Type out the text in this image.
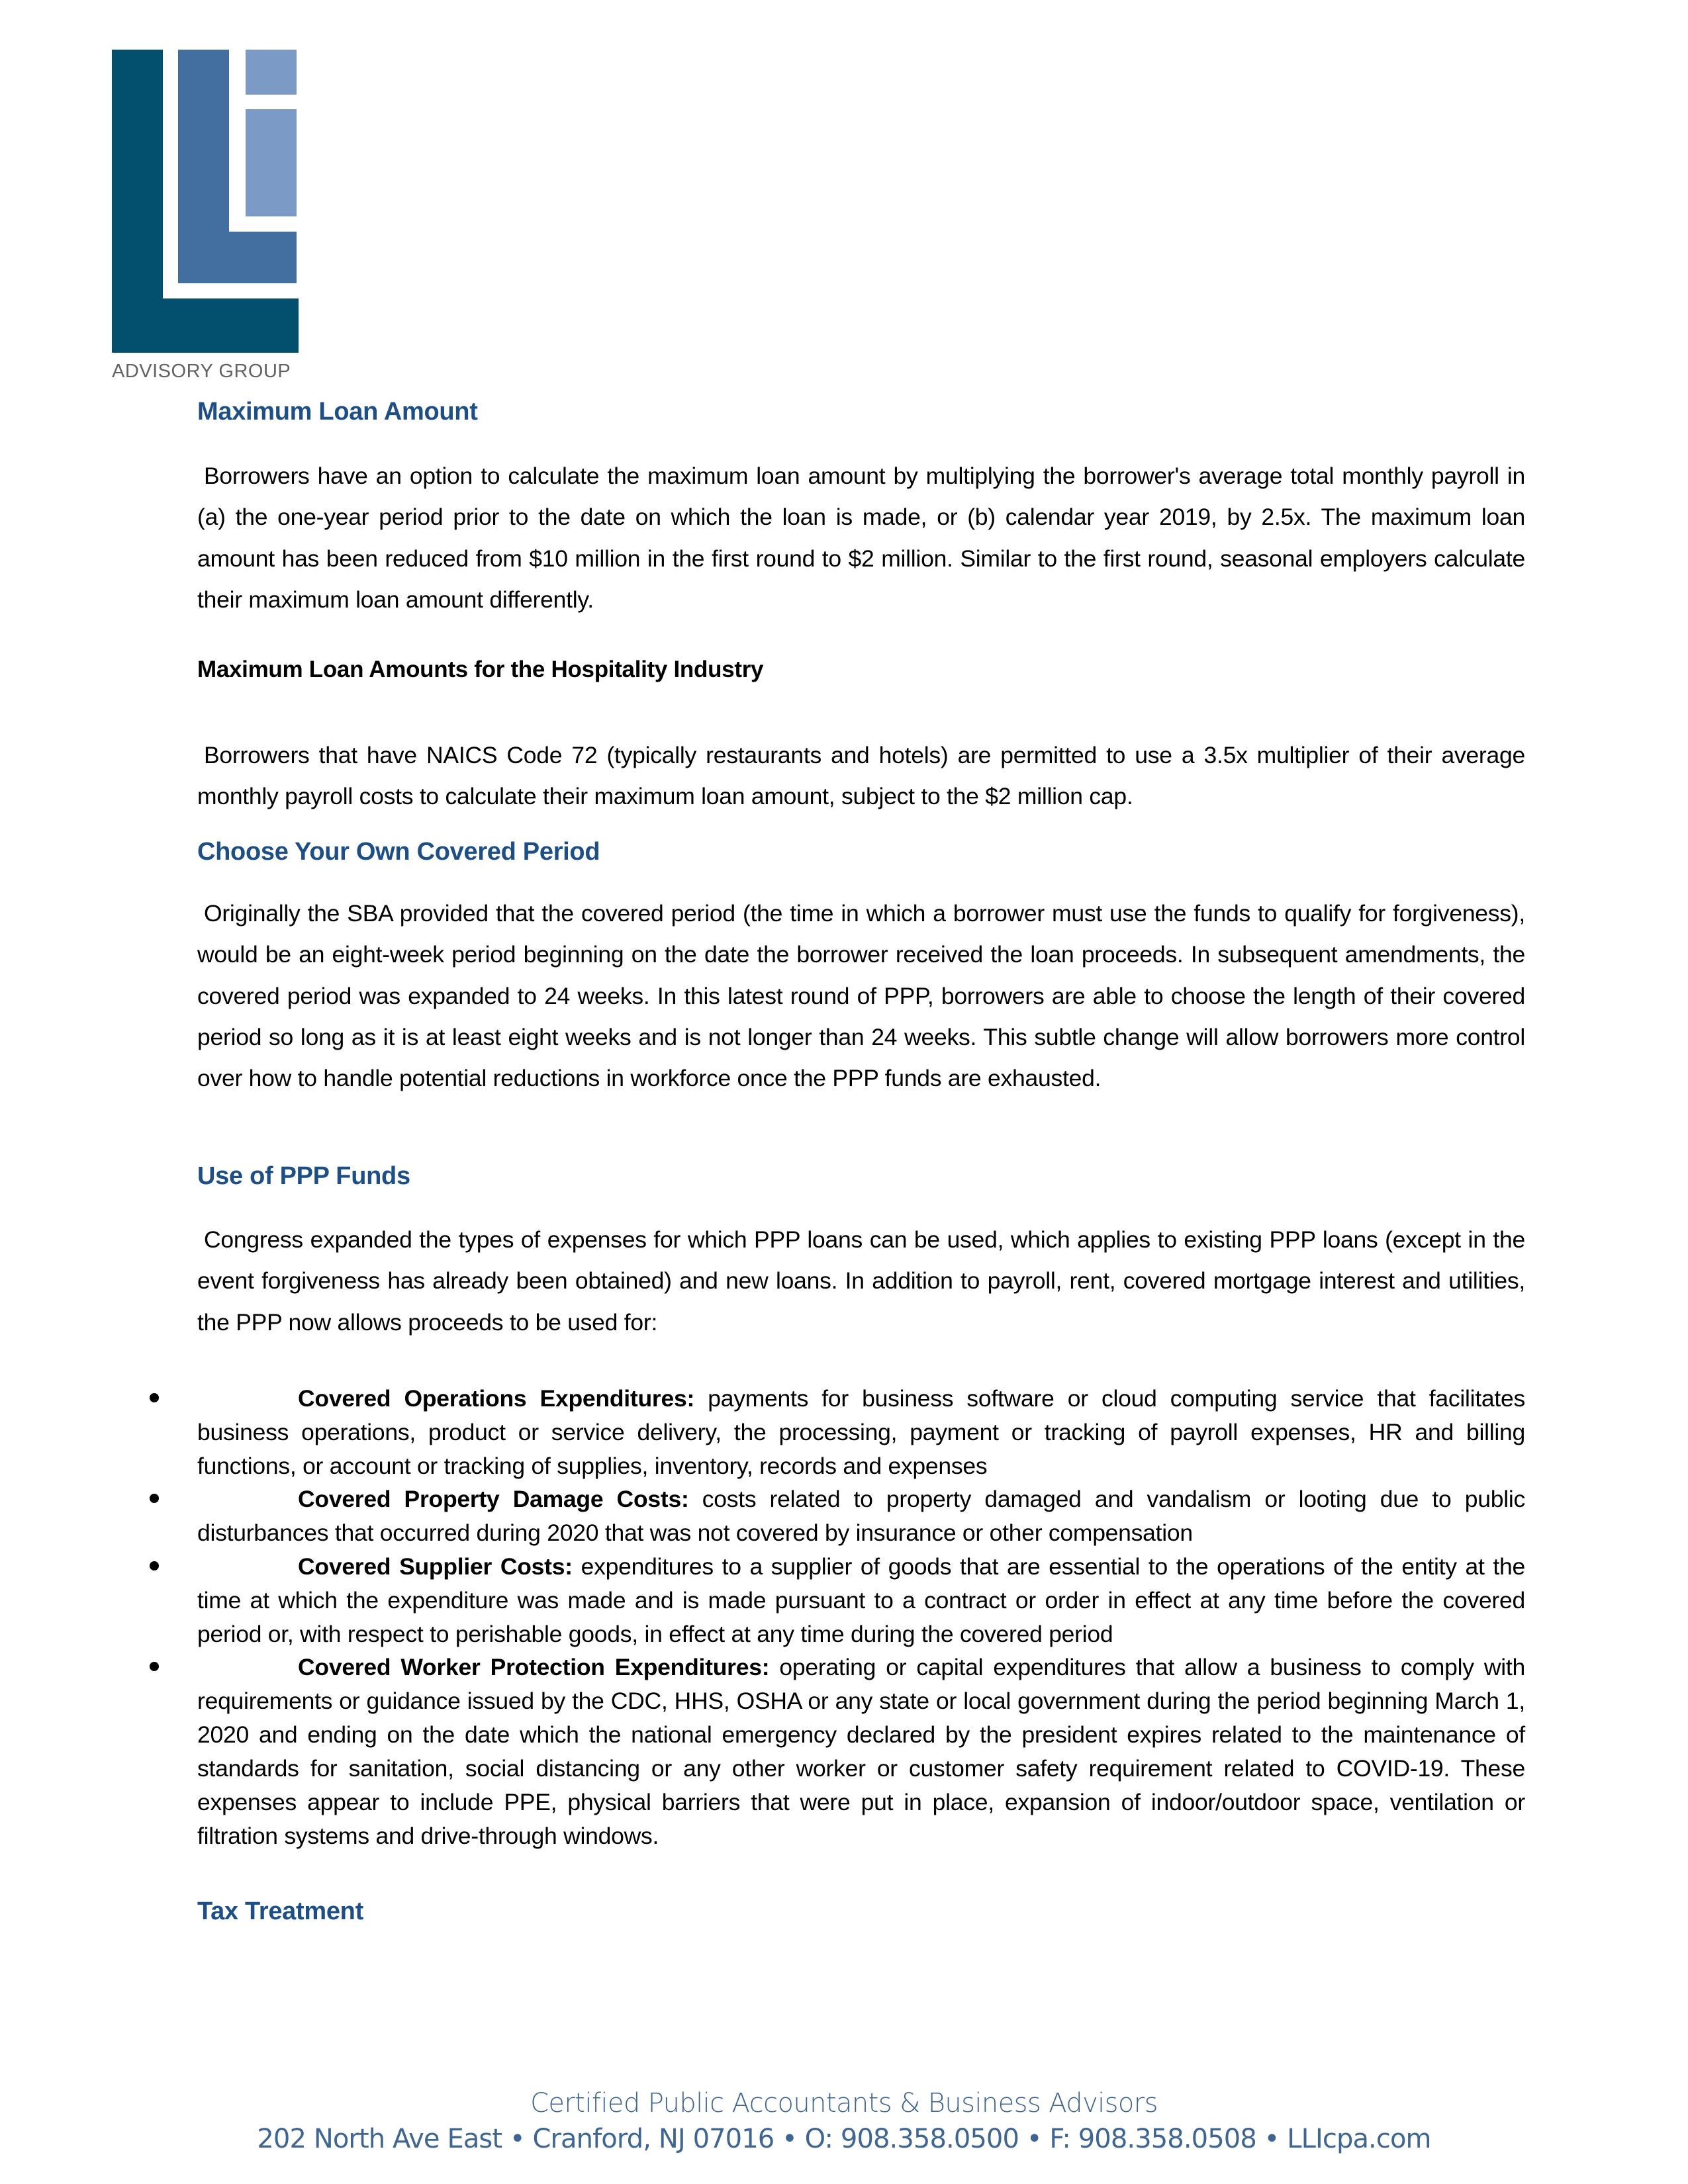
ADVISORY GROUP
Maximum Loan Amount
Borrowers have an option to calculate the maximum loan amount by multiplying the borrower's average total monthly payroll in (a) the one-year period prior to the date on which the loan is made, or (b) calendar year 2019, by 2.5x. The maximum loan amount has been reduced from $10 million in the first round to $2 million. Similar to the first round, seasonal employers calculate their maximum loan amount differently.
Maximum Loan Amounts for the Hospitality Industry
Borrowers that have NAICS Code 72 (typically restaurants and hotels) are permitted to use a 3.5x multiplier of their average monthly payroll costs to calculate their maximum loan amount, subject to the $2 million cap.
Choose Your Own Covered Period
Originally the SBA provided that the covered period (the time in which a borrower must use the funds to qualify for forgiveness), would be an eight-week period beginning on the date the borrower received the loan proceeds. In subsequent amendments, the covered period was expanded to 24 weeks. In this latest round of PPP, borrowers are able to choose the length of their covered period so long as it is at least eight weeks and is not longer than 24 weeks. This subtle change will allow borrowers more control over how to handle potential reductions in workforce once the PPP funds are exhausted.
Use of PPP Funds
Congress expanded the types of expenses for which PPP loans can be used, which applies to existing PPP loans (except in the event forgiveness has already been obtained) and new loans. In addition to payroll, rent, covered mortgage interest and utilities, the PPP now allows proceeds to be used for:
Covered Operations Expenditures: payments for business software or cloud computing service that facilitates business operations, product or service delivery, the processing, payment or tracking of payroll expenses, HR and billing functions, or account or tracking of supplies, inventory, records and expenses
Covered Property Damage Costs: costs related to property damaged and vandalism or looting due to public disturbances that occurred during 2020 that was not covered by insurance or other compensation
Covered Supplier Costs: expenditures to a supplier of goods that are essential to the operations of the entity at the time at which the expenditure was made and is made pursuant to a contract or order in effect at any time before the covered period or, with respect to perishable goods, in effect at any time during the covered period
Covered Worker Protection Expenditures: operating or capital expenditures that allow a business to comply with requirements or guidance issued by the CDC, HHS, OSHA or any state or local government during the period beginning March 1, 2020 and ending on the date which the national emergency declared by the president expires related to the maintenance of standards for sanitation, social distancing or any other worker or customer safety requirement related to COVID-19. These expenses appear to include PPE, physical barriers that were put in place, expansion of indoor/outdoor space, ventilation or filtration systems and drive-through windows.
Tax Treatment
Certified Public Accountants & Business Advisors
202 North Ave East • Cranford, NJ 07016 • O: 908.358.0500 • F: 908.358.0508 • LLIcpa.com
